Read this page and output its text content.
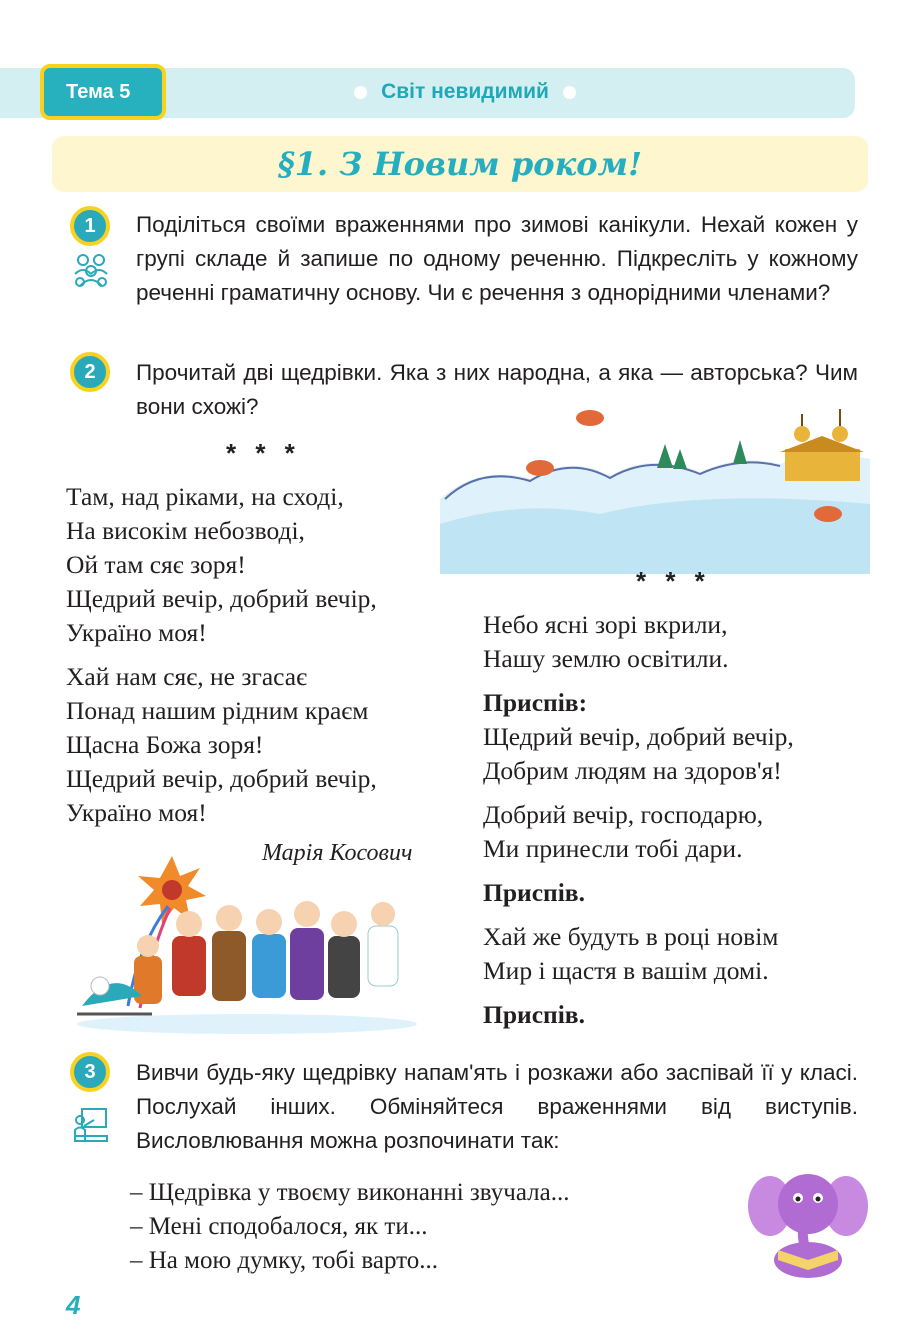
Тема 5	Світ невидимий
§1. З Новим роком!
1	Поділіться своїми враженнями про зимові канікули. Нехай кожен у групі складе й запише по одному реченню. Підкресліть у кожному реченні граматичну основу. Чи є речення з однорідними членами?
2	Прочитай дві щедрівки. Яка з них народна, а яка — авторська? Чим вони схожі?
* * *
Там, над ріками, на сході,
На високім небозводі,
Ой там сяє зоря!
Щедрий вечір, добрий вечір,
Україно моя!
Хай нам сяє, не згасає
Понад нашим рідним краєм
Щасна Божа зоря!
Щедрий вечір, добрий вечір,
Україно моя!
Марія Косович
* * *
Небо ясні зорі вкрили,
Нашу землю освітили.
Приспів:
Щедрий вечір, добрий вечір,
Добрим людям на здоров'я!
Добрий вечір, господарю,
Ми принесли тобі дари.
Приспів.
Хай же будуть в році новім
Мир і щастя в вашім домі.
Приспів.
3	Вивчи будь-яку щедрівку напам'ять і розкажи або заспівай її у класі. Послухай інших. Обміняйтеся враженнями від виступів. Висловлювання можна розпочинати так:
– Щедрівка у твоєму виконанні звучала...
– Мені сподобалося, як ти...
– На мою думку, тобі варто...
4
